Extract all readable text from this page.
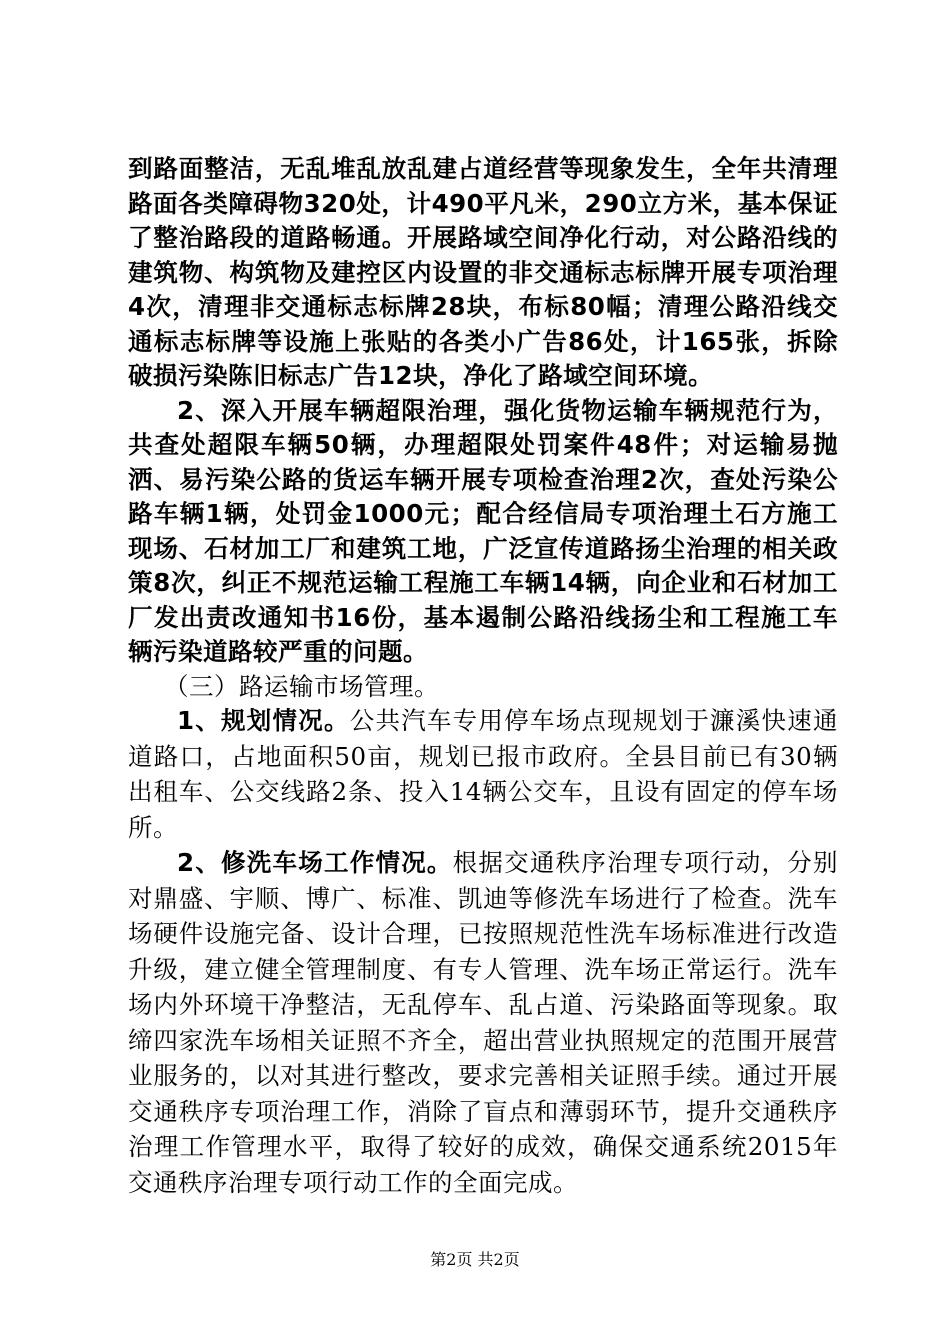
到路面整洁，无乱堆乱放乱建占道经营等现象发生，全年共清理路面各类障碍物320处，计490平凡米，290立方米，基本保证了整治路段的道路畅通。开展路域空间净化行动，对公路沿线的建筑物、构筑物及建控区内设置的非交通标志标牌开展专项治理4次，清理非交通标志标牌28块，布标80幅；清理公路沿线交通标志标牌等设施上张贴的各类小广告86处，计165张，拆除破损污染陈旧标志广告12块，净化了路域空间环境。

2、深入开展车辆超限治理，强化货物运输车辆规范行为，共查处超限车辆50辆，办理超限处罚案件48件；对运输易抛洒、易污染公路的货运车辆开展专项检查治理2次，查处污染公路车辆1辆，处罚金1000元；配合经信局专项治理土石方施工现场、石材加工厂和建筑工地，广泛宣传道路扬尘治理的相关政策8次，纠正不规范运输工程施工车辆14辆，向企业和石材加工厂发出责改通知书16份，基本遏制公路沿线扬尘和工程施工车辆污染道路较严重的问题。

（三）路运输市场管理。

1、规划情况。公共汽车专用停车场点现规划于濂溪快速通道路口，占地面积50亩，规划已报市政府。全县目前已有30辆出租车、公交线路2条、投入14辆公交车，且设有固定的停车场所。

2、修洗车场工作情况。根据交通秩序治理专项行动，分别对鼎盛、宇顺、博广、标准、凯迪等修洗车场进行了检查。洗车场硬件设施完备、设计合理，已按照规范性洗车场标准进行改造升级，建立健全管理制度、有专人管理、洗车场正常运行。洗车场内外环境干净整洁，无乱停车、乱占道、污染路面等现象。取缔四家洗车场相关证照不齐全，超出营业执照规定的范围开展营业服务的，以对其进行整改，要求完善相关证照手续。通过开展交通秩序专项治理工作，消除了盲点和薄弱环节，提升交通秩序治理工作管理水平，取得了较好的成效，确保交通系统2015年交通秩序治理专项行动工作的全面完成。

第2页 共2页
